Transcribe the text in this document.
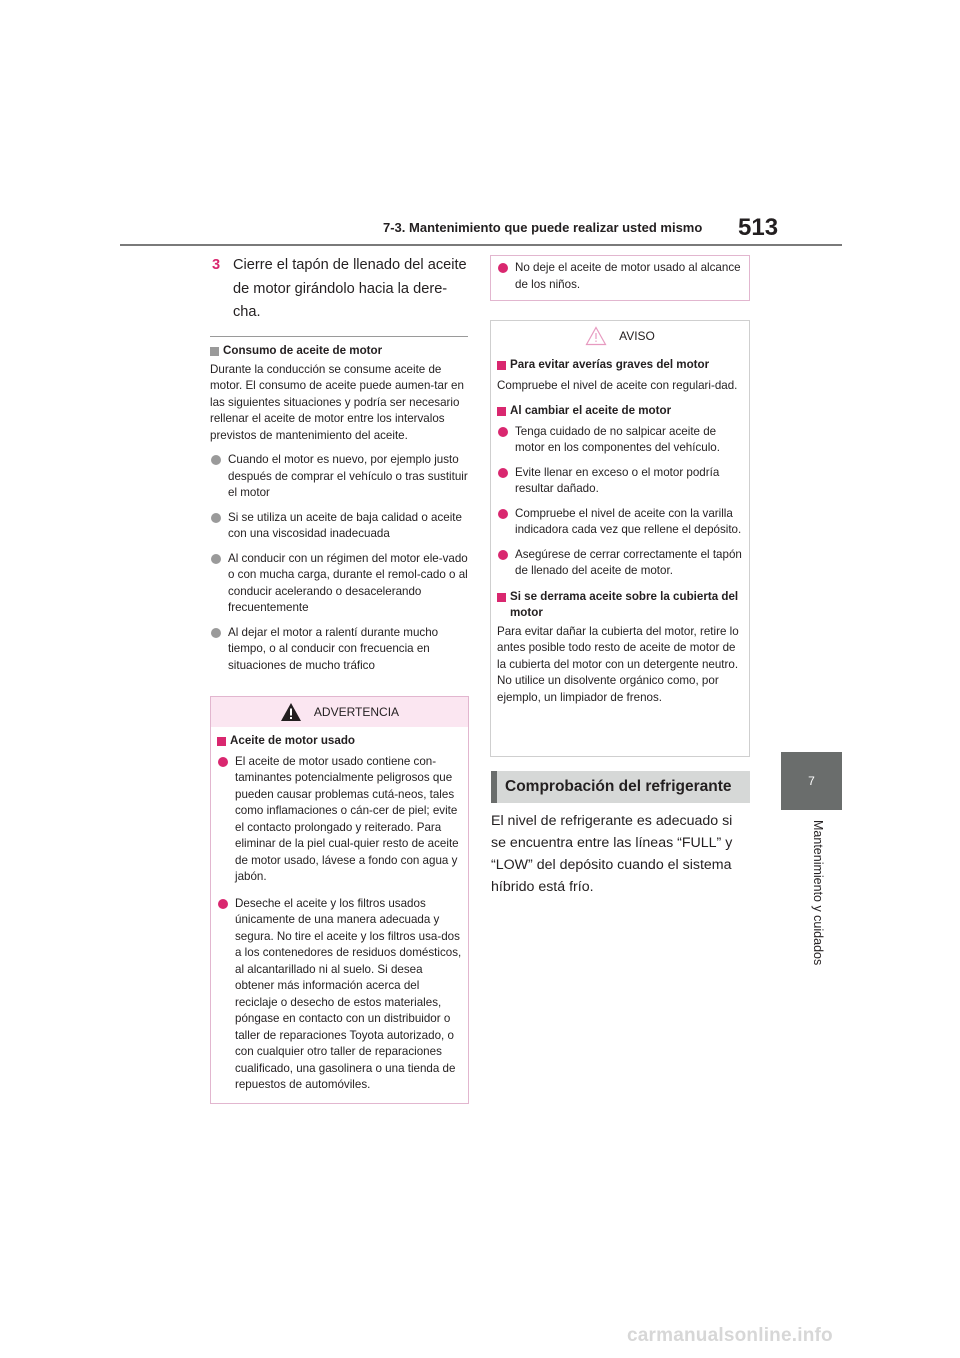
7-3. Mantenimiento que puede realizar usted mismo 513
7
Mantenimiento y cuidados
3 Cierre el tapón de llenado del aceite de motor girándolo hacia la dere-cha.
Consumo de aceite de motor
Durante la conducción se consume aceite de motor. El consumo de aceite puede aumen-tar en las siguientes situaciones y podría ser necesario rellenar el aceite de motor entre los intervalos previstos de mantenimiento del aceite.
Cuando el motor es nuevo, por ejemplo justo después de comprar el vehículo o tras sustituir el motor
Si se utiliza un aceite de baja calidad o aceite con una viscosidad inadecuada
Al conducir con un régimen del motor ele-vado o con mucha carga, durante el remol-cado o al conducir acelerando o desacelerando frecuentemente
Al dejar el motor a ralentí durante mucho tiempo, o al conducir con frecuencia en situaciones de mucho tráfico
ADVERTENCIA
Aceite de motor usado
El aceite de motor usado contiene con-taminantes potencialmente peligrosos que pueden causar problemas cutá-neos, tales como inflamaciones o cán-cer de piel; evite el contacto prolongado y reiterado. Para eliminar de la piel cual-quier resto de aceite de motor usado, lávese a fondo con agua y jabón.
Deseche el aceite y los filtros usados únicamente de una manera adecuada y segura. No tire el aceite y los filtros usa-dos a los contenedores de residuos domésticos, al alcantarillado ni al suelo. Si desea obtener más información acerca del reciclaje o desecho de estos materiales, póngase en contacto con un distribuidor o taller de reparaciones Toyota autorizado, o con cualquier otro taller de reparaciones cualificado, una gasolinera o una tienda de repuestos de automóviles.
No deje el aceite de motor usado al alcance de los niños.
AVISO
Para evitar averías graves del motor
Compruebe el nivel de aceite con regulari-dad.
Al cambiar el aceite de motor
Tenga cuidado de no salpicar aceite de motor en los componentes del vehículo.
Evite llenar en exceso o el motor podría resultar dañado.
Compruebe el nivel de aceite con la varilla indicadora cada vez que rellene el depósito.
Asegúrese de cerrar correctamente el tapón de llenado del aceite de motor.
Si se derrama aceite sobre la cubierta del motor
Para evitar dañar la cubierta del motor, retire lo antes posible todo resto de aceite de motor de la cubierta del motor con un detergente neutro. No utilice un disolvente orgánico como, por ejemplo, un limpiador de frenos.
Comprobación del refrigerante
El nivel de refrigerante es adecuado si se encuentra entre las líneas “FULL” y “LOW” del depósito cuando el sistema híbrido está frío.
carmanualsonline.info
